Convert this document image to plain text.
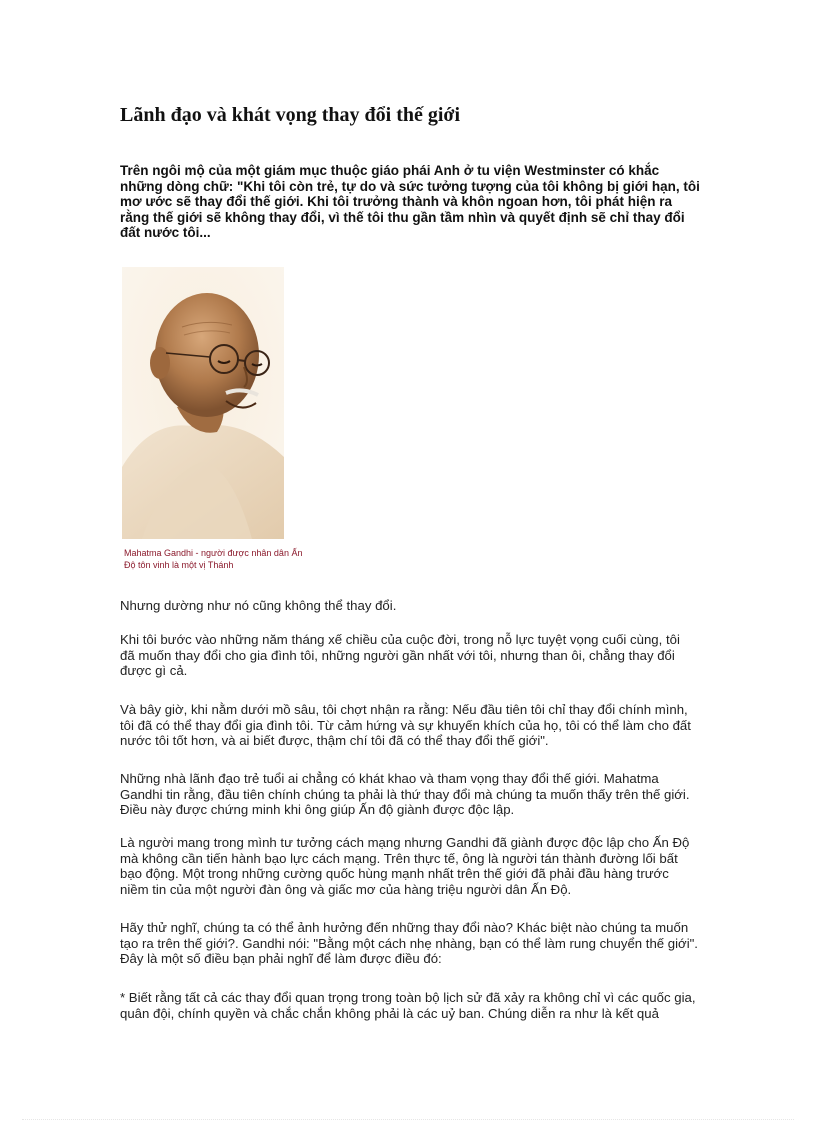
Lãnh đạo và khát vọng thay đổi thế giới

Trên ngôi mộ của một giám mục thuộc giáo phái Anh ở tu viện Westminster có khắc những dòng chữ: "Khi tôi còn trẻ, tự do và sức tưởng tượng của tôi không bị giới hạn, tôi mơ ước sẽ thay đổi thế giới. Khi tôi trưởng thành và khôn ngoan hơn, tôi phát hiện ra rằng thế giới sẽ không thay đổi, vì thế tôi thu gần tầm nhìn và quyết định sẽ chỉ thay đổi đất nước tôi...

Mahatma Gandhi - người được nhân dân Ấn Độ tôn vinh là một vị Thánh

Nhưng dường như nó cũng không thể thay đổi.

Khi tôi bước vào những năm tháng xế chiều của cuộc đời, trong nỗ lực tuyệt vọng cuối cùng, tôi đã muốn thay đổi cho gia đình tôi, những người gần nhất với tôi, nhưng than ôi, chẳng thay đổi được gì cả.

Và bây giờ, khi nằm dưới mồ sâu, tôi chợt nhận ra rằng: Nếu đầu tiên tôi chỉ thay đổi chính mình, tôi đã có thể thay đổi gia đình tôi. Từ cảm hứng và sự khuyến khích của họ, tôi có thể làm cho đất nước tôi tốt hơn, và ai biết được, thậm chí tôi đã có thể thay đổi thế giới".

Những nhà lãnh đạo trẻ tuổi ai chẳng có khát khao và tham vọng thay đổi thế giới. Mahatma Gandhi tin rằng, đầu tiên chính chúng ta phải là thứ thay đổi mà chúng ta muốn thấy trên thế giới. Điều này được chứng minh khi ông giúp Ấn độ giành được độc lập.

Là người mang trong mình tư tưởng cách mạng nhưng Gandhi đã giành được độc lập cho Ấn Độ mà không cần tiến hành bạo lực cách mạng. Trên thực tế, ông là người tán thành đường lối bất bạo động. Một trong những cường quốc hùng mạnh nhất trên thế giới đã phải đầu hàng trước niềm tin của một người đàn ông và giấc mơ của hàng triệu người dân Ấn Độ.

Hãy thử nghĩ, chúng ta có thể ảnh hưởng đến những thay đổi nào? Khác biệt nào chúng ta muốn tạo ra trên thế giới?. Gandhi nói: "Bằng một cách nhẹ nhàng, bạn có thể làm rung chuyển thế giới". Đây là một số điều bạn phải nghĩ để làm được điều đó:

* Biết rằng tất cả các thay đổi quan trọng trong toàn bộ lịch sử đã xảy ra không chỉ vì các quốc gia, quân đội, chính quyền và chắc chắn không phải là các uỷ ban. Chúng diễn ra như là kết quả
